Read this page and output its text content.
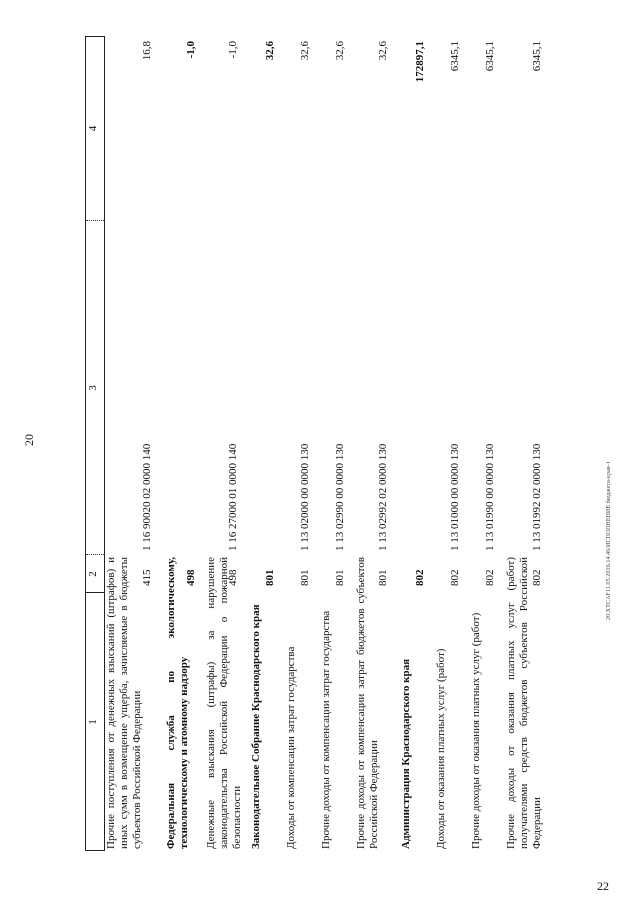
20
22
20.XTCAF11.05.2016.14.46/ИСПОЛНЕНИЕ бюджета-края-1
1
2
3
4
Прочие поступления от денежных взысканий (штрафов) и иных сумм в возмещение ущерба, зачисляемые в бюджеты субъектов Российской Федерации
415
1 16 90020 02 0000 140
16,8
Федеральная служба по экологическому, технологическому и атомному надзору
498
-1,0
Денежные взыскания (штрафы) за нарушение законодательства Российской Федерации о пожарной безопасности
498
1 16 27000 01 0000 140
-1,0
Законодательное Собрание Краснодарского края
801
32,6
Доходы от компенсации затрат государства
801
1 13 02000 00 0000 130
32,6
Прочие доходы от компенсации затрат государства
801
1 13 02990 00 0000 130
32,6
Прочие доходы от компенсации затрат бюджетов субъектов Российской Федерации
801
1 13 02992 02 0000 130
32,6
Администрация Краснодарского края
802
172897,1
Доходы от оказания платных услуг (работ)
802
1 13 01000 00 0000 130
6345,1
Прочие доходы от оказания платных услуг (работ)
802
1 13 01990 00 0000 130
6345,1
Прочие доходы от оказания платных услуг (работ) получателями средств бюджетов субъектов Российской Федерации
802
1 13 01992 02 0000 130
6345,1
